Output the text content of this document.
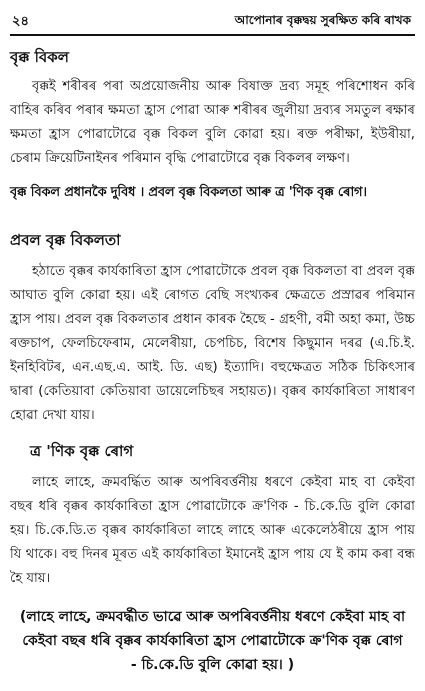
২৪	আপোনাৰ বৃক্কদ্বয় সুৰক্ষিত কৰি ৰাখক
বৃক্ক বিকল

বৃক্কই শৰীৰৰ পৰা অপ্ৰয়োজনীয় আৰু বিষাক্ত দ্ৰব্য সমূহ পৰিশোধন কৰি বাহিৰ কৰিব পৰাৰ ক্ষমতা হ্ৰাস পোৱা আৰু শৰীৰৰ জুলীয়া দ্ৰব্যৰ সমতুল ৰক্ষাৰ ক্ষমতা হ্ৰাস পোৱাটোৱে বৃক্ক বিকল বুলি কোৱা হয়। ৰক্ত পৰীক্ষা, ইউৰীয়া, চেৰাম ক্ৰিয়েটিনাইনৰ পৰিমান বৃদ্ধি পোৱাটোৱে বৃক্ক বিকলৰ লক্ষণ।

বৃক্ক বিকল প্ৰধানকৈ দুবিধ । প্ৰবল বৃক্ক বিকলতা আৰু ত্ৰ 'ণিক বৃক্ক ৰোগ।
প্ৰবল বৃক্ক বিকলতা

হঠাতে বৃক্কৰ কাৰ্যকাৰিতা হ্ৰাস পোৱাটোকে প্ৰবল বৃক্ক বিকলতা বা প্ৰবল বৃক্ক আঘাত বুলি কোৱা হয়। এই ৰোগত বেছি সংখ্যকৰ ক্ষেত্ৰতে প্ৰস্ৰাৱৰ পৰিমান হ্ৰাস পায়। প্ৰবল বৃক্ক বিকলতাৰ প্ৰধান কাৰক হৈছে - গ্ৰহণী, বমী অহা কমা, উচ্চ ৰক্তচাপ, ফেলচিফেৰাম, মেলেৰীয়া, চেপচিচ, বিশেষ কিছুমান দৰৱ (এ.চি.ই. ইনহিবিটৰ, এন.এছ.এ. আই. ডি. এছ) ইত্যাদি। বহুক্ষেত্ৰত সঠিক চিকিৎসাৰ দ্বাৰা (কেতিয়াবা কেতিয়াবা ডায়েলেচিছৰ সহায়ত)। বৃক্কৰ কাৰ্যকাৰিতা সাধাৰণ হোৱা দেখা যায়।

ত্ৰ 'ণিক বৃক্ক ৰোগ

লাহে লাহে, ক্ৰমবৰ্দ্ধিত আৰু অপৰিবৰ্ত্তনীয় ধৰণে কেইবা মাহ বা কেইবা বছৰ ধৰি বৃক্কৰ কাৰ্যকাৰিতা হ্ৰাস পোৱাটোকে ক্ৰ'ণিক - চি.কে.ডি বুলি কোৱা হয়। চি.কে.ডি.ত বৃক্কৰ কাৰ্যকাৰিতা লাহে লাহে আৰু একেলেঠৰীয়ে হ্ৰাস পায় যি থাকে। বহু দিনৰ মূৰত এই কাৰ্যকাৰিতা ইমানেই হ্ৰাস পায় যে ই কাম কৰা বন্ধ হৈ যায়।

(লাহে লাহে, ক্ৰমবৰ্দ্ধীত ভাৱে আৰু অপৰিবৰ্ত্তনীয় ধৰণে কেইবা মাহ বা কেইবা বছৰ ধৰি বৃক্কৰ কাৰ্যকাৰিতা হ্ৰাস পোৱাটোকে ক্ৰ'ণিক বৃক্ক ৰোগ - চি.কে.ডি বুলি কোৱা হয়। )
